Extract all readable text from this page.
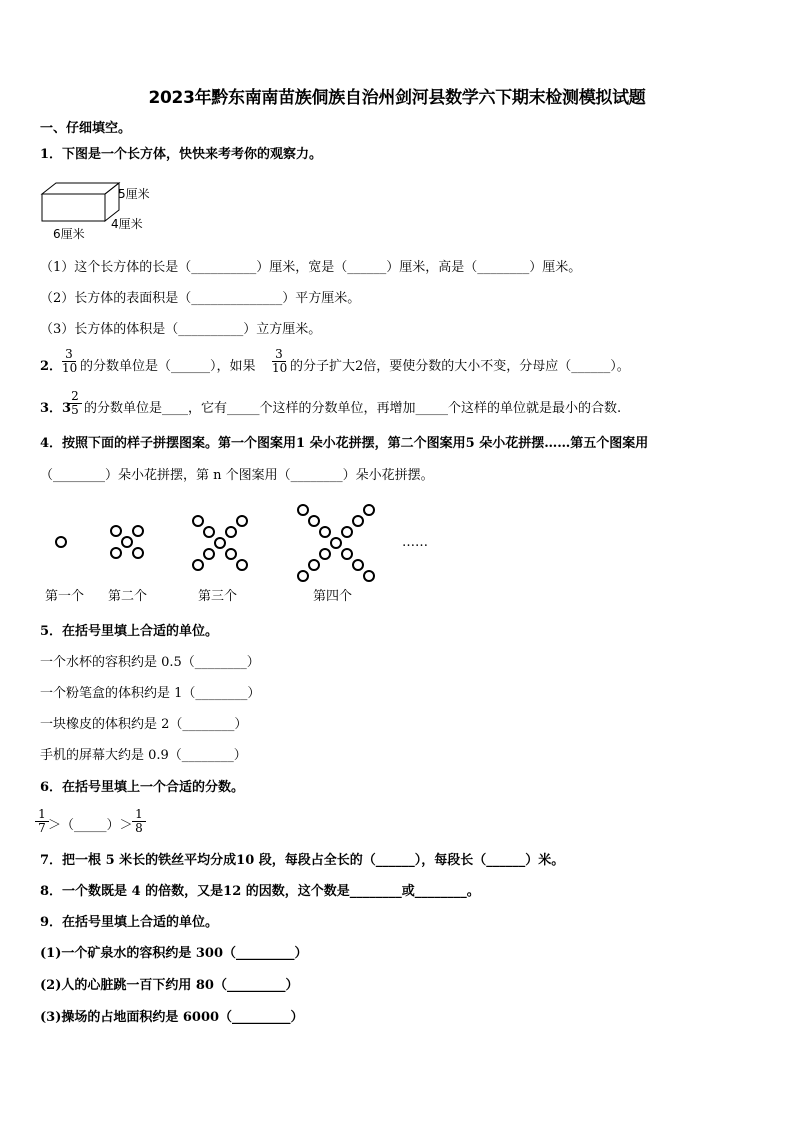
2023年黔东南南苗族侗族自治州剑河县数学六下期末检测模拟试题
一、仔细填空。
1．下图是一个长方体，快快来考考你的观察力。
5厘米
4厘米
6厘米
（1）这个长方体的长是（__________）厘米，宽是（______）厘米，高是（________）厘米。
（2）长方体的表面积是（______________）平方厘米。
（3）长方体的体积是（__________）立方厘米。
2． $\frac{3}{10}$ 的分数单位是（______），如果 $\frac{3}{10}$ 的分子扩大2倍，要使分数的大小不变，分母应（______）。
3．3
$\frac{2}{5}$ 的分数单位是____，它有_____个这样的分数单位，再增加_____个这样的单位就是最小的合数.
4．按照下面的样子拼摆图案。第一个图案用1 朵小花拼摆，第二个图案用5 朵小花拼摆……第五个图案用
（________）朵小花拼摆，第 n 个图案用（________）朵小花拼摆。
……
第一个 第二个	第三个	第四个
5．在括号里填上合适的单位。
一个水杯的容积约是 0.5（________）
一个粉笔盒的体积约是 1（________）
一块橡皮的体积约是 2（________）
手机的屏幕大约是 0.9（________）
6．在括号里填上一个合适的分数。
$\frac{1}{7}$ ＞（_____）＞ $\frac{1}{8}$
7．把一根 5 米长的铁丝平均分成10 段，每段占全长的（______），每段长（______）米。
8．一个数既是 4 的倍数，又是12 的因数，这个数是________或________。
9．在括号里填上合适的单位。
(1)一个矿泉水的容积约是 300（_________）
(2)人的心脏跳一百下约用 80（_________）
(3)操场的占地面积约是 6000（_________）
